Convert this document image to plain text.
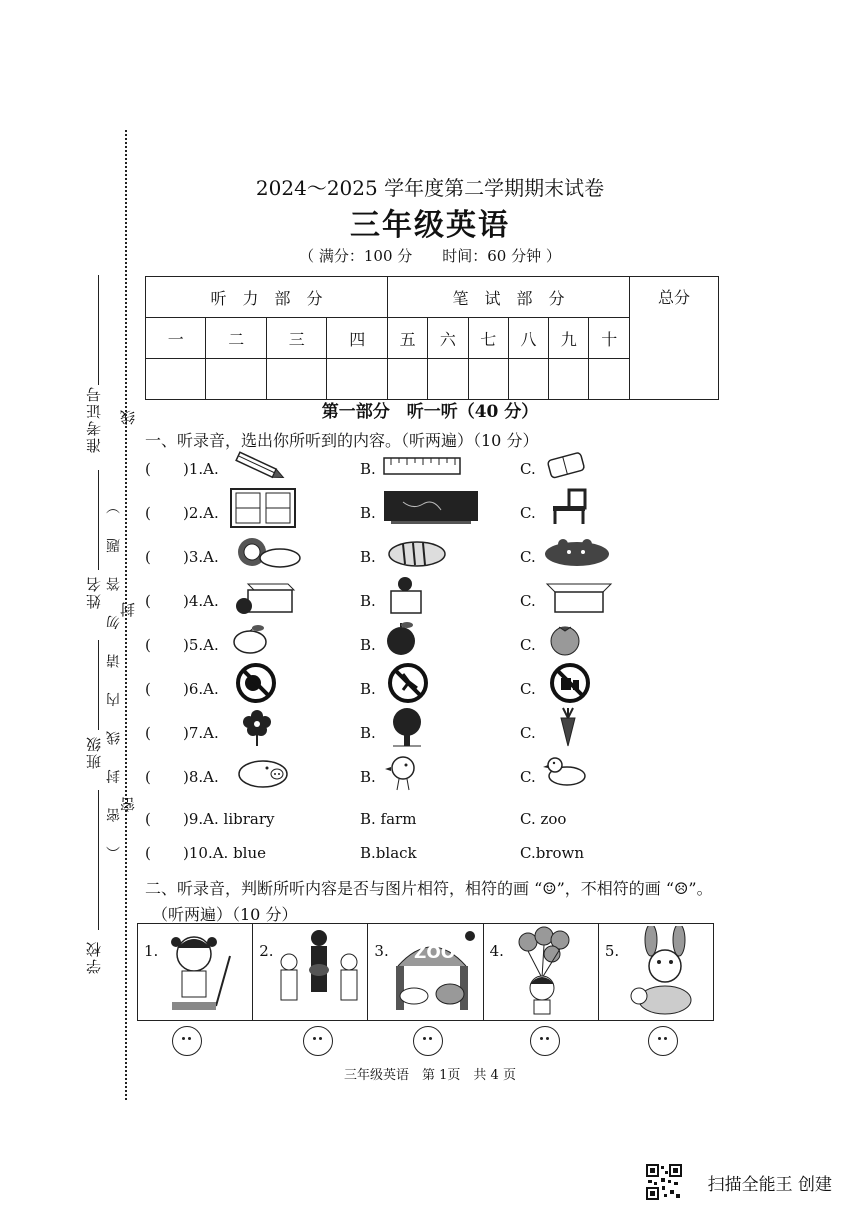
准考证号 线
（ 密 封 线 内 请 勿 答 题 ）
姓名 封
班级
密
学校
2024～2025 学年度第二学期期末试卷
三年级英语
（ 满分：100 分　　时间：60 分钟 ）
听　力　部　分				笔　试　部　分						总分
一	二	三	四	五	六	七	八	九	十	

第一部分　听一听（40 分）
一、听录音，选出你所听到的内容。（听两遍）（10 分）
( )1.A.	B.	C.
( )2.A.	B.	C.
( )3.A.	B.	C.
( )4.A.	B.	C.
( )5.A.	B.	C.
( )6.A.	B.	C.
( )7.A.	B.	C.
( )8.A.	B.	C.
( )9.A. library	B. farm	C. zoo
( )10.A. blue	B.black	C.brown
二、听录音，判断所听内容是否与图片相符，相符的画 “☺”，不相符的画 “☹”。
（听两遍）（10 分）
1.	2.	3. ZOO 4.	5.
三年级英语　第 1页　共 4 页
扫描全能王 创建
